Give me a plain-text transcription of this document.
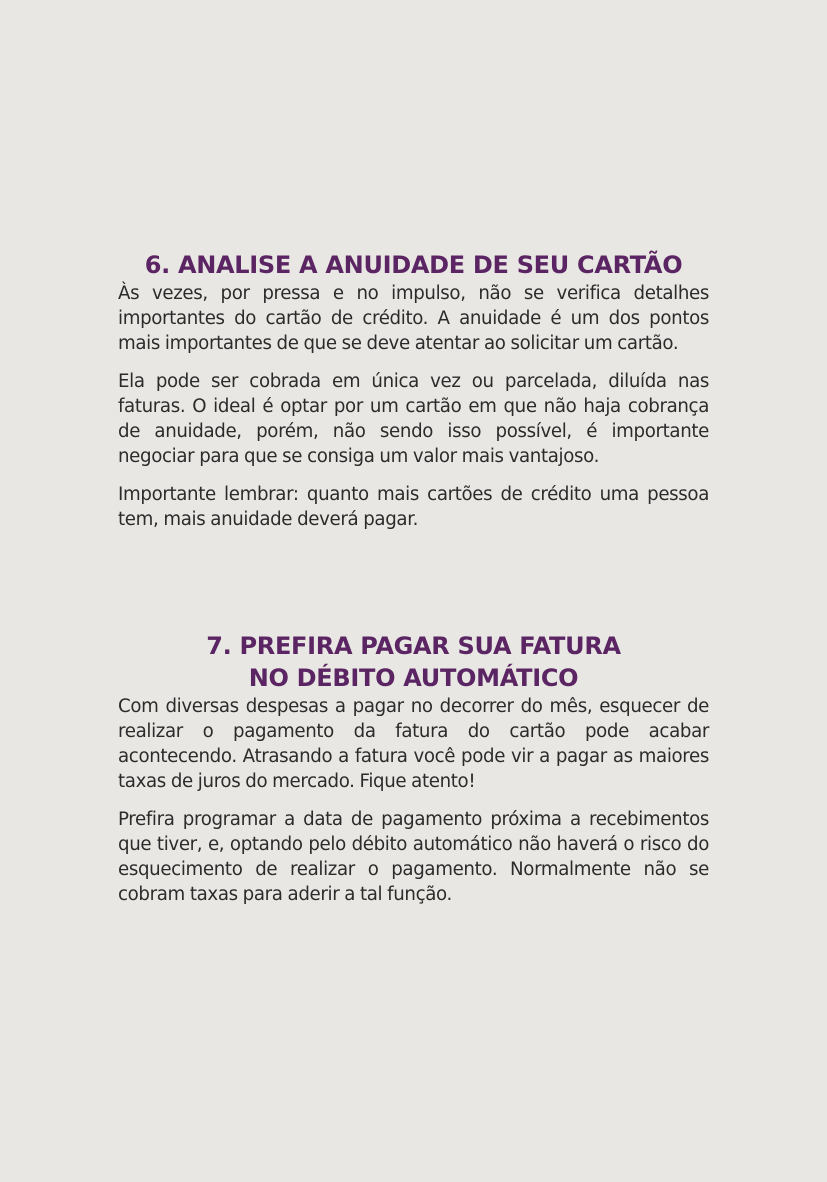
6. ANALISE A ANUIDADE DE SEU CARTÃO

Às vezes, por pressa e no impulso, não se verifica detalhes importantes do cartão de crédito. A anuidade é um dos pontos mais importantes de que se deve atentar ao solicitar um cartão.

Ela pode ser cobrada em única vez ou parcelada, diluída nas faturas. O ideal é optar por um cartão em que não haja cobrança de anuidade, porém, não sendo isso possível, é importante negociar para que se consiga um valor mais vantajoso.

Importante lembrar: quanto mais cartões de crédito uma pessoa tem, mais anuidade deverá pagar.

7. PREFIRA PAGAR SUA FATURA
NO DÉBITO AUTOMÁTICO

Com diversas despesas a pagar no decorrer do mês, esquecer de realizar o pagamento da fatura do cartão pode acabar acontecendo. Atrasando a fatura você pode vir a pagar as maiores taxas de juros do mercado. Fique atento!

Prefira programar a data de pagamento próxima a recebimentos que tiver, e, optando pelo débito automático não haverá o risco do esquecimento de realizar o pagamento. Normalmente não se cobram taxas para aderir a tal função.
